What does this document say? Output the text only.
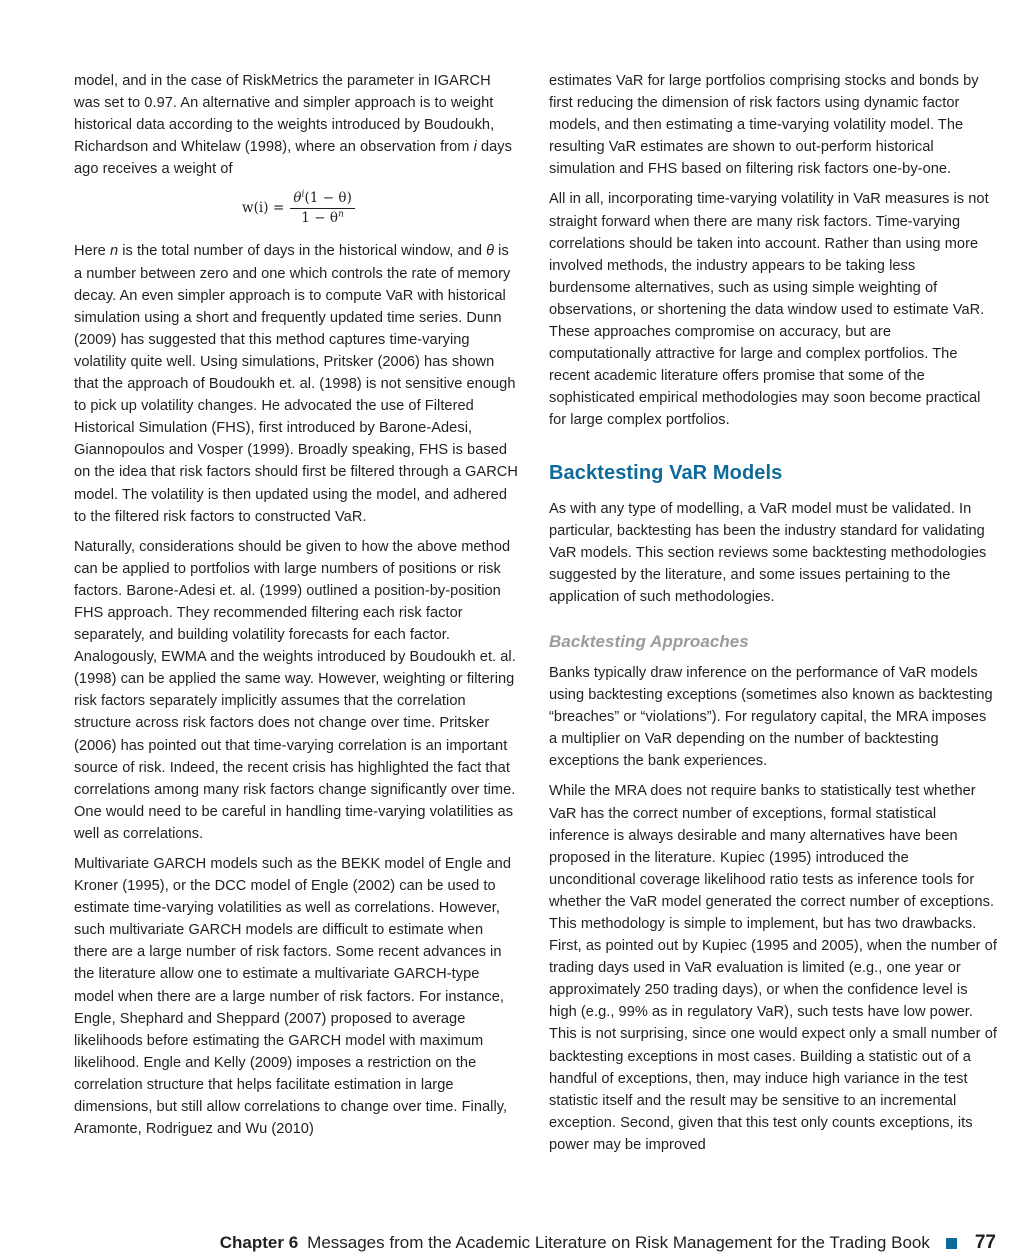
model, and in the case of RiskMetrics the parameter in IGARCH was set to 0.97. An alternative and simpler approach is to weight historical data according to the weights introduced by Boudoukh, Richardson and Whitelaw (1998), where an observation from i days ago receives a weight of

$w(i) = \frac{\theta^i(1 - \theta)}{1 - \theta^n}$

Here n is the total number of days in the historical window, and θ is a number between zero and one which controls the rate of memory decay. An even simpler approach is to compute VaR with historical simulation using a short and frequently updated time series. Dunn (2009) has suggested that this method captures time-varying volatility quite well. Using simulations, Pritsker (2006) has shown that the approach of Boudoukh et. al. (1998) is not sensitive enough to pick up volatility changes. He advocated the use of Filtered Historical Simulation (FHS), first introduced by Barone-Adesi, Giannopoulos and Vosper (1999). Broadly speaking, FHS is based on the idea that risk factors should first be filtered through a GARCH model. The volatility is then updated using the model, and adhered to the filtered risk factors to constructed VaR.

Naturally, considerations should be given to how the above method can be applied to portfolios with large numbers of positions or risk factors. Barone-Adesi et. al. (1999) outlined a position-by-position FHS approach. They recommended filtering each risk factor separately, and building volatility forecasts for each factor. Analogously, EWMA and the weights introduced by Boudoukh et. al. (1998) can be applied the same way. However, weighting or filtering risk factors separately implicitly assumes that the correlation structure across risk factors does not change over time. Pritsker (2006) has pointed out that time-varying correlation is an important source of risk. Indeed, the recent crisis has highlighted the fact that correlations among many risk factors change significantly over time. One would need to be careful in handling time-varying volatilities as well as correlations.

Multivariate GARCH models such as the BEKK model of Engle and Kroner (1995), or the DCC model of Engle (2002) can be used to estimate time-varying volatilities as well as correlations. However, such multivariate GARCH models are difficult to estimate when there are a large number of risk factors. Some recent advances in the literature allow one to estimate a multivariate GARCH-type model when there are a large number of risk factors. For instance, Engle, Shephard and Sheppard (2007) proposed to average likelihoods before estimating the GARCH model with maximum likelihood. Engle and Kelly (2009) imposes a restriction on the correlation structure that helps facilitate estimation in large dimensions, but still allow correlations to change over time. Finally, Aramonte, Rodriguez and Wu (2010)

estimates VaR for large portfolios comprising stocks and bonds by first reducing the dimension of risk factors using dynamic factor models, and then estimating a time-varying volatility model. The resulting VaR estimates are shown to out-perform historical simulation and FHS based on filtering risk factors one-by-one.

All in all, incorporating time-varying volatility in VaR measures is not straight forward when there are many risk factors. Time-varying correlations should be taken into account. Rather than using more involved methods, the industry appears to be taking less burdensome alternatives, such as using simple weighting of observations, or shortening the data window used to estimate VaR. These approaches compromise on accuracy, but are computationally attractive for large and complex portfolios. The recent academic literature offers promise that some of the sophisticated empirical methodologies may soon become practical for large complex portfolios.

Backtesting VaR Models

As with any type of modelling, a VaR model must be validated. In particular, backtesting has been the industry standard for validating VaR models. This section reviews some backtesting methodologies suggested by the literature, and some issues pertaining to the application of such methodologies.

Backtesting Approaches

Banks typically draw inference on the performance of VaR models using backtesting exceptions (sometimes also known as backtesting “breaches” or “violations”). For regulatory capital, the MRA imposes a multiplier on VaR depending on the number of backtesting exceptions the bank experiences.

While the MRA does not require banks to statistically test whether VaR has the correct number of exceptions, formal statistical inference is always desirable and many alternatives have been proposed in the literature. Kupiec (1995) introduced the unconditional coverage likelihood ratio tests as inference tools for whether the VaR model generated the correct number of exceptions. This methodology is simple to implement, but has two drawbacks. First, as pointed out by Kupiec (1995 and 2005), when the number of trading days used in VaR evaluation is limited (e.g., one year or approximately 250 trading days), or when the confidence level is high (e.g., 99% as in regulatory VaR), such tests have low power. This is not surprising, since one would expect only a small number of backtesting exceptions in most cases. Building a statistic out of a handful of exceptions, then, may induce high variance in the test statistic itself and the result may be sensitive to an incremental exception. Second, given that this test only counts exceptions, its power may be improved

Chapter 6 Messages from the Academic Literature on Risk Management for the Trading Book 77
